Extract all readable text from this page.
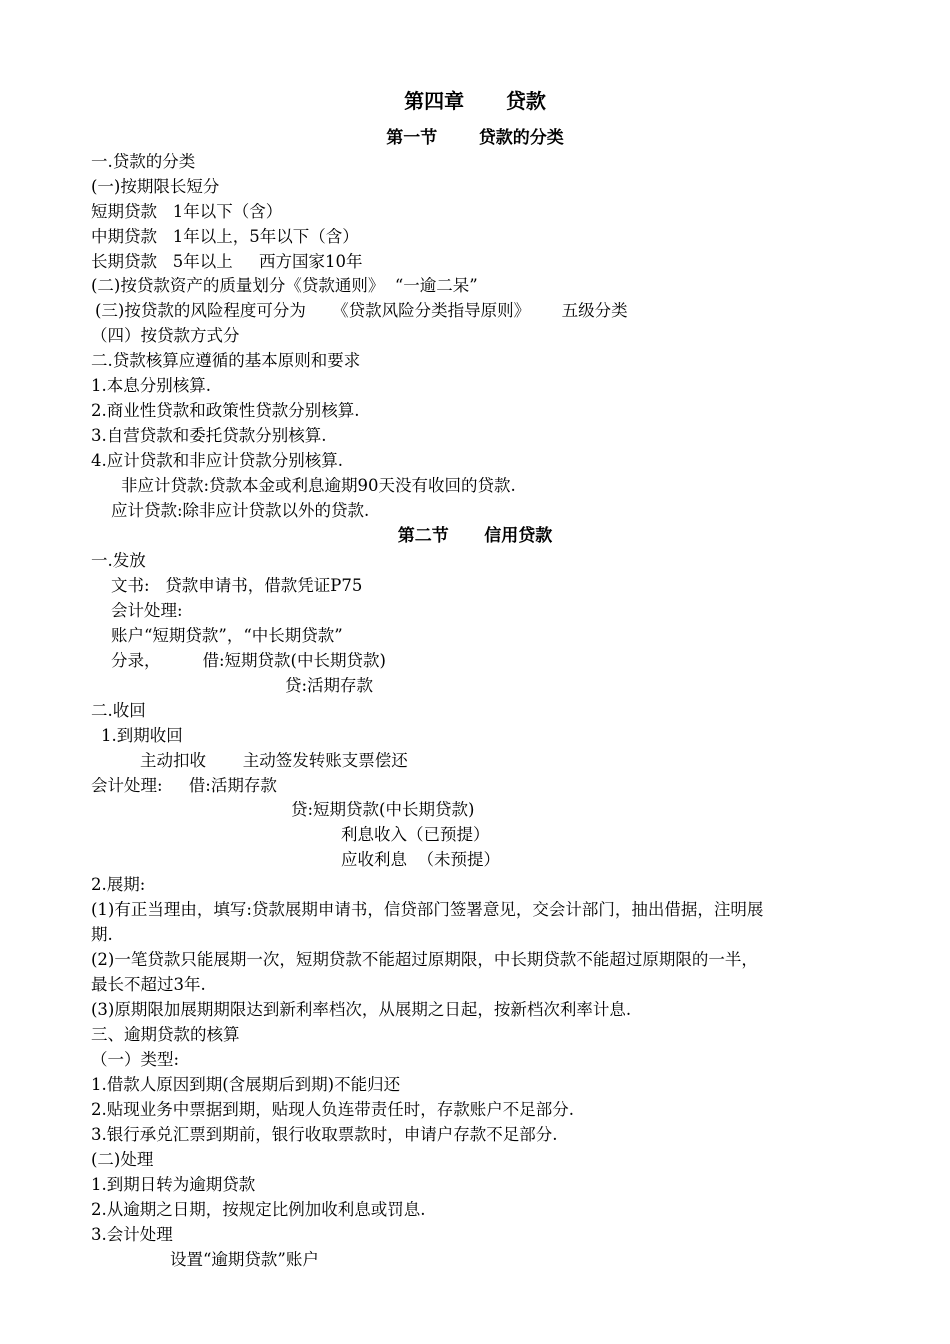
第四章      贷款
第一节       贷款的分类
一.贷款的分类
(一)按期限长短分
短期贷款   1年以下（含）
中期贷款   1年以上，5年以下（含）
长期贷款   5年以上     西方国家10年
(二)按贷款资产的质量划分《贷款通则》  “一逾二呆”
(三)按贷款的风险程度可分为     《贷款风险分类指导原则》      五级分类
（四）按贷款方式分
二.贷款核算应遵循的基本原则和要求
1.本息分别核算.
2.商业性贷款和政策性贷款分别核算.
3.自营贷款和委托贷款分别核算.
4.应计贷款和非应计贷款分别核算.
非应计贷款:贷款本金或利息逾期90天没有收回的贷款.
应计贷款:除非应计贷款以外的贷款.
第二节      信用贷款
一.发放
文书:   贷款申请书，借款凭证P75
会计处理:
账户“短期贷款”，“中长期贷款”
分录，        借:短期贷款(中长期贷款)
贷:活期存款
二.收回
1.到期收回
主动扣收       主动签发转账支票偿还
会计处理:     借:活期存款
贷:短期贷款(中长期贷款)
利息收入（已预提）
应收利息  （未预提）
2.展期:
(1)有正当理由，填写:贷款展期申请书，信贷部门签署意见，交会计部门，抽出借据，注明展
期.
(2)一笔贷款只能展期一次，短期贷款不能超过原期限，中长期贷款不能超过原期限的一半，
最长不超过3年.
(3)原期限加展期期限达到新利率档次，从展期之日起，按新档次利率计息.
三、逾期贷款的核算
（一）类型:
1.借款人原因到期(含展期后到期)不能归还
2.贴现业务中票据到期，贴现人负连带责任时，存款账户不足部分.
3.银行承兑汇票到期前，银行收取票款时，申请户存款不足部分.
(二)处理
1.到期日转为逾期贷款
2.从逾期之日期，按规定比例加收利息或罚息.
3.会计处理
设置“逾期贷款”账户
